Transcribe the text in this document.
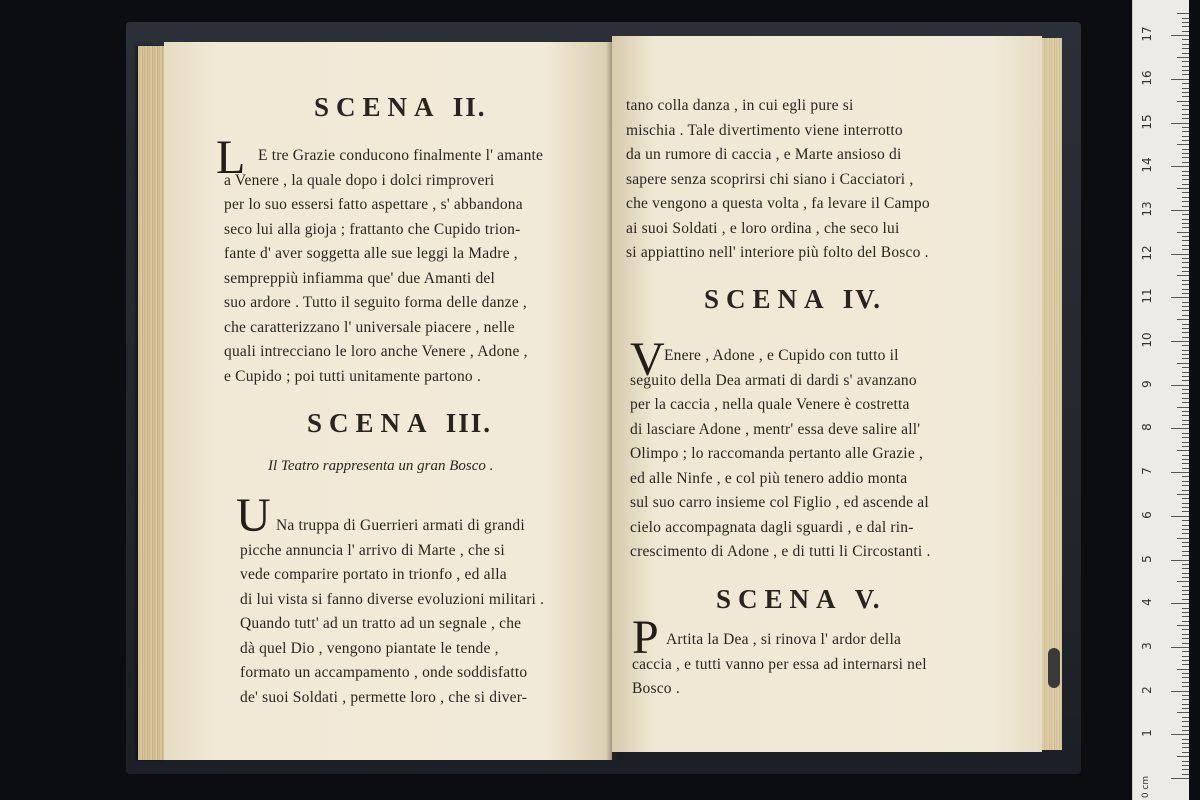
SCENA II.
L E tre Grazie conducono finalmente l' amante
a Venere , la quale dopo i dolci rimproveri
per lo suo essersi fatto aspettare , s' abbandona
seco lui alla gioja ; frattanto che Cupido trion-
fante d' aver soggetta alle sue leggi la Madre ,
sempreppiù infiamma que' due Amanti del
suo ardore . Tutto il seguito forma delle danze ,
che caratterizzano l' universale piacere , nelle
quali intrecciano le loro anche Venere , Adone ,
e Cupido ; poi tutti unitamente partono .
SCENA III.
Il Teatro rappresenta un gran Bosco .
U Na truppa di Guerrieri armati di grandi
picche annuncia l' arrivo di Marte , che si
vede comparire portato in trionfo , ed alla
di lui vista si fanno diverse evoluzioni militari .
Quando tutt' ad un tratto ad un segnale , che
dà quel Dio , vengono piantate le tende ,
formato un accampamento , onde soddisfatto
de' suoi Soldati , permette loro , che si diver-
tano colla danza , in cui egli pure si
mischia . Tale divertimento viene interrotto
da un rumore di caccia , e Marte ansioso di
sapere senza scoprirsi chi siano i Cacciatori ,
che vengono a questa volta , fa levare il Campo
ai suoi Soldati , e loro ordina , che seco lui
si appiattino nell' interiore più folto del Bosco .
SCENA IV.
V Enere , Adone , e Cupido con tutto il
seguito della Dea armati di dardi s' avanzano
per la caccia , nella quale Venere è costretta
di lasciare Adone , mentr' essa deve salire all'
Olimpo ; lo raccomanda pertanto alle Grazie ,
ed alle Ninfe , e col più tenero addio monta
sul suo carro insieme col Figlio , ed ascende al
cielo accompagnata dagli sguardi , e dal rin-
crescimento di Adone , e di tutti li Circostanti .
SCENA V.
P Artita la Dea , si rinova l' ardor della
caccia , e tutti vanno per essa ad internarsi nel
Bosco .
0 cm
1
2
3
4
5
6
7
8
9
10
11
12
13
14
15
16
17
